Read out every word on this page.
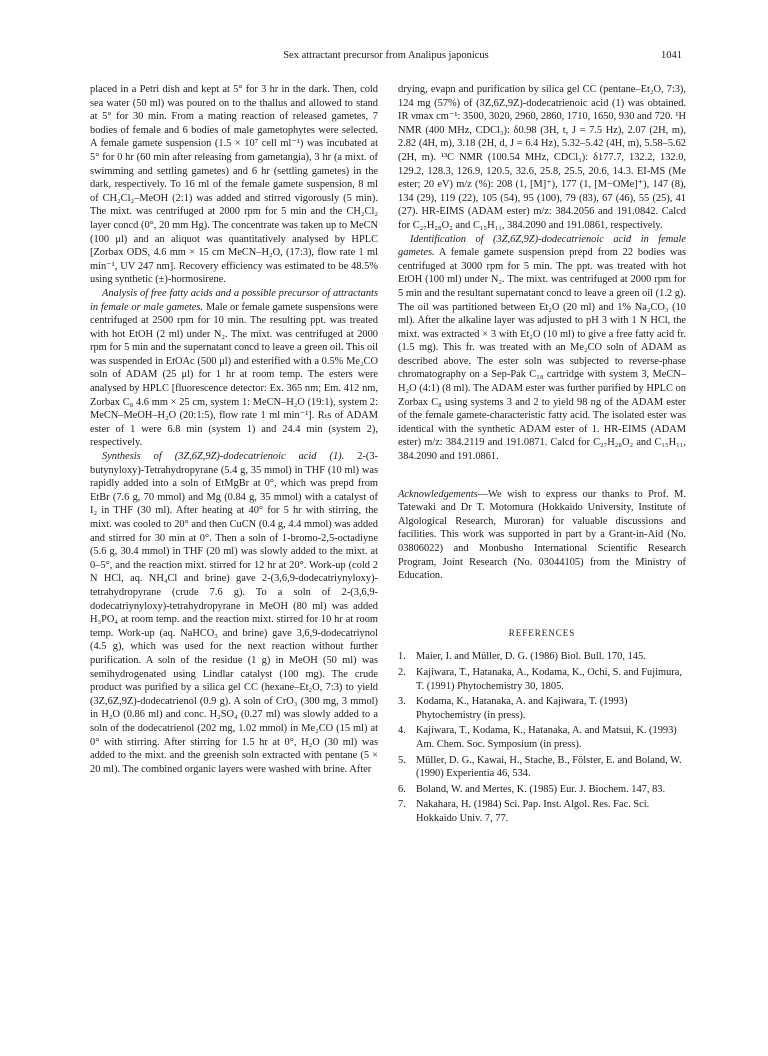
Sex attractant precursor from Analipus japonicus	1041

placed in a Petri dish and kept at 5° for 3 hr in the dark. Then, cold sea water (50 ml) was poured on to the thallus and allowed to stand at 5° for 30 min. From a mating reaction of released gametes, 7 bodies of female and 6 bodies of male gametophytes were selected. A female gamete suspension (1.5 × 10⁷ cell ml⁻¹) was incubated at 5° for 0 hr (60 min after releasing from gametangia), 3 hr (a mixt. of swimming and settling gametes) and 6 hr (settling gametes) in the dark, respectively. To 16 ml of the female gamete suspension, 8 ml of CH₂Cl₂–MeOH (2:1) was added and stirred vigorously (5 min). The mixt. was centrifuged at 2000 rpm for 5 min and the CH₂Cl₂ layer concd (0°, 20 mm Hg). The concentrate was taken up to MeCN (100 μl) and an aliquot was quantitatively analysed by HPLC [Zorbax ODS, 4.6 mm × 15 cm MeCN–H₂O, (17:3), flow rate 1 ml min⁻¹, UV 247 nm]. Recovery efficiency was estimated to be 48.5% using synthetic (±)-hormosirene.

Analysis of free fatty acids and a possible precursor of attractants in female or male gametes. Male or female gamete suspensions were centrifuged at 2500 rpm for 10 min. The resulting ppt. was treated with hot EtOH (2 ml) under N₂. The mixt. was centrifuged at 2000 rpm for 5 min and the supernatant concd to leave a green oil. This oil was suspended in EtOAc (500 μl) and esterified with a 0.5% Me₂CO soln of ADAM (25 μl) for 1 hr at room temp. The esters were analysed by HPLC [fluorescence detector: Ex. 365 nm; Em. 412 nm, Zorbax C₈ 4.6 mm × 25 cm, system 1: MeCN–H₂O (19:1), system 2: MeCN–MeOH–H₂O (20:1:5), flow rate 1 ml min⁻¹]. Rₜs of ADAM ester of 1 were 6.8 min (system 1) and 24.4 min (system 2), respectively.

Synthesis of (3Z,6Z,9Z)-dodecatrienoic acid (1). 2-(3-butynyloxy)-Tetrahydropyrane (5.4 g, 35 mmol) in THF (10 ml) was rapidly added into a soln of EtMgBr at 0°, which was prepd from EtBr (7.6 g, 70 mmol) and Mg (0.84 g, 35 mmol) with a catalyst of I₂ in THF (30 ml). After heating at 40° for 5 hr with stirring, the mixt. was cooled to 20° and then CuCN (0.4 g, 4.4 mmol) was added and stirred for 30 min at 0°. Then a soln of 1-bromo-2,5-octadiyne (5.6 g, 30.4 mmol) in THF (20 ml) was slowly added to the mixt. at 0–5°, and the reaction mixt. stirred for 12 hr at 20°. Work-up (cold 2 N HCl, aq. NH₄Cl and brine) gave 2-(3,6,9-dodecatriynyloxy)-tetrahydropyrane (crude 7.6 g). To a soln of 2-(3,6,9-dodecatriynyloxy)-tetrahydropyrane in MeOH (80 ml) was added H₃PO₄ at room temp. and the reaction mixt. stirred for 10 hr at room temp. Work-up (aq. NaHCO₃ and brine) gave 3,6,9-dodecatriynol (4.5 g), which was used for the next reaction without further purification. A soln of the residue (1 g) in MeOH (50 ml) was semihydrogenated using Lindlar catalyst (100 mg). The crude product was purified by a silica gel CC (hexane–Et₂O, 7:3) to yield (3Z,6Z,9Z)-dodecatrienol (0.9 g). A soln of CrO₃ (300 mg, 3 mmol) in H₂O (0.86 ml) and conc. H₂SO₄ (0.27 ml) was slowly added to a soln of the dodecatrienol (202 mg, 1.02 mmol) in Me₂CO (15 ml) at 0° with stirring. After stirring for 1.5 hr at 0°, H₂O (30 ml) was added to the mixt. and the greenish soln extracted with pentane (5 × 20 ml). The combined organic layers were washed with brine. After

drying, evapn and purification by silica gel CC (pentane–Et₂O, 7:3), 124 mg (57%) of (3Z,6Z,9Z)-dodecatrienoic acid (1) was obtained. IR νmax cm⁻¹: 3500, 3020, 2960, 2860, 1710, 1650, 930 and 720. ¹H NMR (400 MHz, CDCl₃): δ0.98 (3H, t, J = 7.5 Hz), 2.07 (2H, m), 2.82 (4H, m), 3.18 (2H, d, J = 6.4 Hz), 5.32–5.42 (4H, m), 5.58–5.62 (2H, m). ¹³C NMR (100.54 MHz, CDCl₃): δ177.7, 132.2, 132.0, 129.2, 128.3, 126.9, 120.5, 32.6, 25.8, 25.5, 20.6, 14.3. EI-MS (Me ester; 20 eV) m/z (%): 208 (1, [M]⁺), 177 (1, [M−OMe]⁺), 147 (8), 134 (29), 119 (22), 105 (54), 95 (100), 79 (83), 67 (46), 55 (25), 41 (27). HR-EIMS (ADAM ester) m/z: 384.2056 and 191.0842. Calcd for C₂₇H₂₈O₂ and C₁₅H₁₁, 384.2090 and 191.0861, respectively.

Identification of (3Z,6Z,9Z)-dodecatrienoic acid in female gametes. A female gamete suspension prepd from 22 bodies was centrifuged at 3000 rpm for 5 min. The ppt. was treated with hot EtOH (100 ml) under N₂. The mixt. was centrifuged at 2000 rpm for 5 min and the resultant supernatant concd to leave a green oil (1.2 g). The oil was partitioned between Et₂O (20 ml) and 1% Na₂CO₃ (10 ml). After the alkaline layer was adjusted to pH 3 with 1 N HCl, the mixt. was extracted × 3 with Et₂O (10 ml) to give a free fatty acid fr. (1.5 mg). This fr. was treated with an Me₂CO soln of ADAM as described above. The ester soln was subjected to reverse-phase chromatography on a Sep-Pak C₁₈ cartridge with system 3, MeCN–H₂O (4:1) (8 ml). The ADAM ester was further purified by HPLC on Zorbax C₈ using systems 3 and 2 to yield 98 ng of the ADAM ester of the female gamete-characteristic fatty acid. The isolated ester was identical with the synthetic ADAM ester of 1. HR-EIMS (ADAM ester) m/z: 384.2119 and 191.0871. Calcd for C₂₇H₂₈O₂ and C₁₅H₁₁, 384.2090 and 191.0861.

Acknowledgements—We wish to express our thanks to Prof. M. Tatewaki and Dr T. Motomura (Hokkaido University, Institute of Algological Research, Muroran) for valuable discussions and facilities. This work was supported in part by a Grant-in-Aid (No. 03806022) and Monbusho International Scientific Research Program, Joint Research (No. 03044105) from the Ministry of Education.

REFERENCES
1. Maier, I. and Müller, D. G. (1986) Biol. Bull. 170, 145.
2. Kajiwara, T., Hatanaka, A., Kodama, K., Ochi, S. and Fujimura, T. (1991) Phytochemistry 30, 1805.
3. Kodama, K., Hatanaka, A. and Kajiwara, T. (1993) Phytochemistry (in press).
4. Kajiwara, T., Kodama, K., Hatanaka, A. and Matsui, K. (1993) Am. Chem. Soc. Symposium (in press).
5. Müller, D. G., Kawai, H., Stache, B., Fölster, E. and Boland, W. (1990) Experientia 46, 534.
6. Boland, W. and Mertes, K. (1985) Eur. J. Biochem. 147, 83.
7. Nakahara, H. (1984) Sci. Pap. Inst. Algol. Res. Fac. Sci. Hokkaido Univ. 7, 77.
